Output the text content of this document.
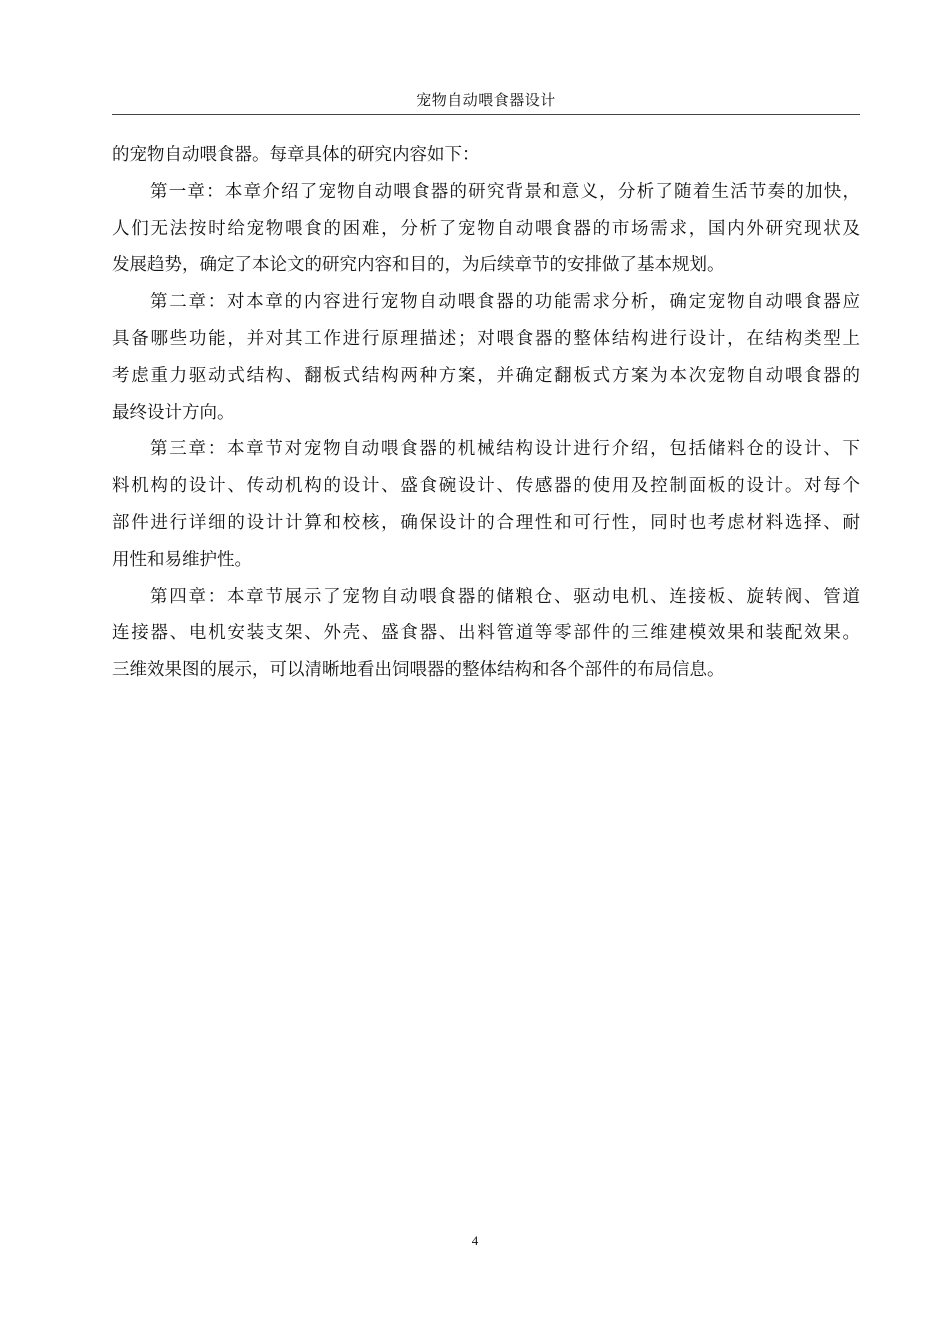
宠物自动喂食器设计
的宠物自动喂食器。每章具体的研究内容如下：
第一章：本章介绍了宠物自动喂食器的研究背景和意义，分析了随着生活节奏的加快，
人们无法按时给宠物喂食的困难，分析了宠物自动喂食器的市场需求，国内外研究现状及
发展趋势，确定了本论文的研究内容和目的，为后续章节的安排做了基本规划。
第二章：对本章的内容进行宠物自动喂食器的功能需求分析，确定宠物自动喂食器应
具备哪些功能，并对其工作进行原理描述；对喂食器的整体结构进行设计，在结构类型上
考虑重力驱动式结构、翻板式结构两种方案，并确定翻板式方案为本次宠物自动喂食器的
最终设计方向。
第三章：本章节对宠物自动喂食器的机械结构设计进行介绍，包括储料仓的设计、下
料机构的设计、传动机构的设计、盛食碗设计、传感器的使用及控制面板的设计。对每个
部件进行详细的设计计算和校核，确保设计的合理性和可行性，同时也考虑材料选择、耐
用性和易维护性。
第四章：本章节展示了宠物自动喂食器的储粮仓、驱动电机、连接板、旋转阀、管道
连接器、电机安装支架、外壳、盛食器、出料管道等零部件的三维建模效果和装配效果。
三维效果图的展示，可以清晰地看出饲喂器的整体结构和各个部件的布局信息。
4
